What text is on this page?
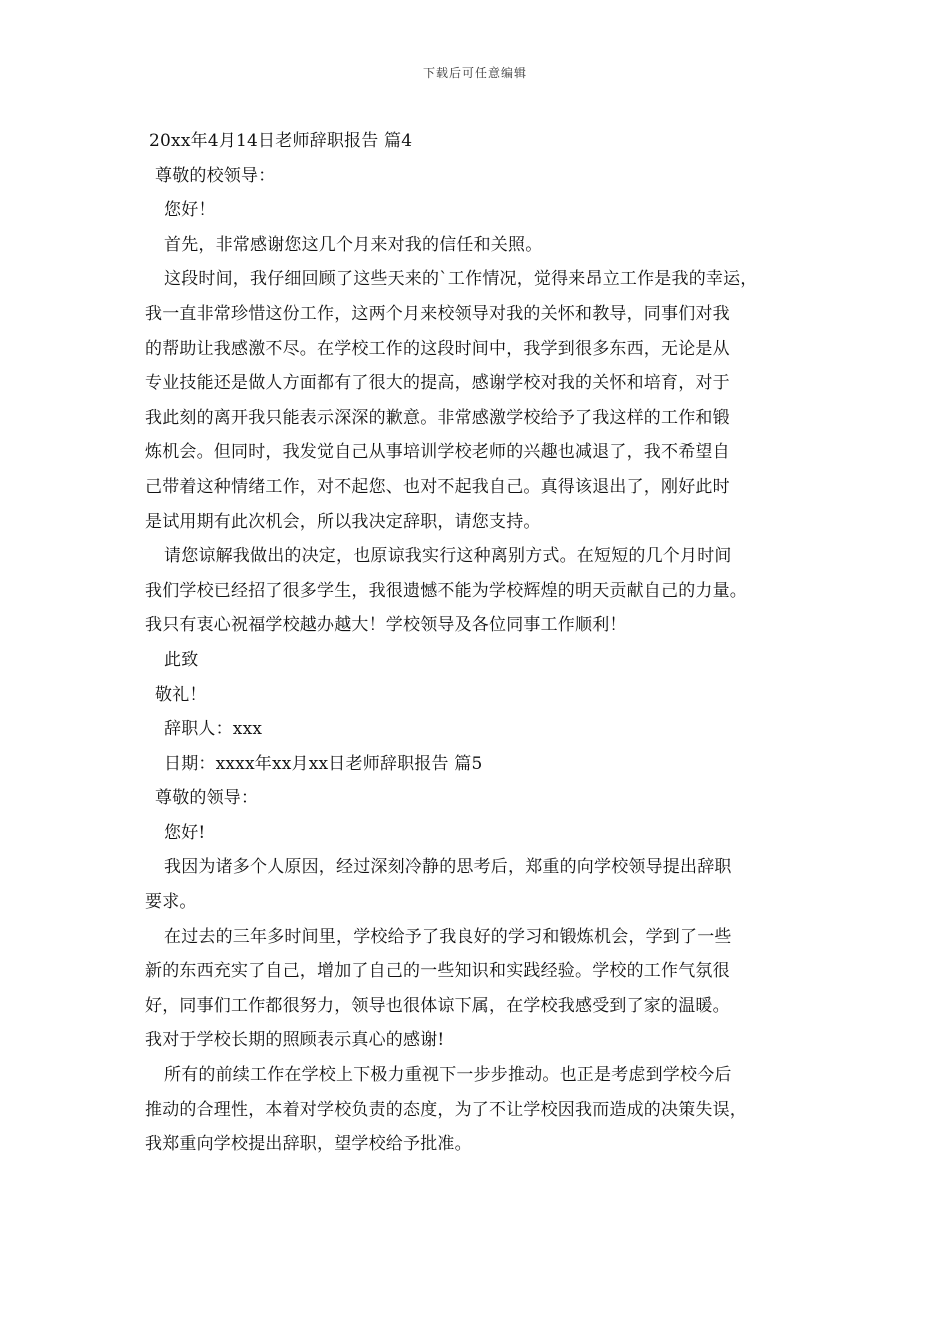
下载后可任意编辑
20xx年4月14日老师辞职报告 篇4
尊敬的校领导：
您好！
首先，非常感谢您这几个月来对我的信任和关照。
这段时间，我仔细回顾了这些天来的`工作情况，觉得来昂立工作是我的幸运，
我一直非常珍惜这份工作，这两个月来校领导对我的关怀和教导，同事们对我
的帮助让我感激不尽。在学校工作的这段时间中，我学到很多东西，无论是从
专业技能还是做人方面都有了很大的提高，感谢学校对我的关怀和培育，对于
我此刻的离开我只能表示深深的歉意。非常感激学校给予了我这样的工作和锻
炼机会。但同时，我发觉自己从事培训学校老师的兴趣也减退了，我不希望自
己带着这种情绪工作，对不起您、也对不起我自己。真得该退出了，刚好此时
是试用期有此次机会，所以我决定辞职，请您支持。
请您谅解我做出的决定，也原谅我实行这种离别方式。在短短的几个月时间
我们学校已经招了很多学生，我很遗憾不能为学校辉煌的明天贡献自己的力量。
我只有衷心祝福学校越办越大！学校领导及各位同事工作顺利！
此致
敬礼！
辞职人：xxx
日期：xxxx年xx月xx日老师辞职报告 篇5
尊敬的领导：
您好!
我因为诸多个人原因，经过深刻冷静的思考后，郑重的向学校领导提出辞职
要求。
在过去的三年多时间里，学校给予了我良好的学习和锻炼机会，学到了一些
新的东西充实了自己，增加了自己的一些知识和实践经验。学校的工作气氛很
好，同事们工作都很努力，领导也很体谅下属，在学校我感受到了家的温暖。
我对于学校长期的照顾表示真心的感谢!
所有的前续工作在学校上下极力重视下一步步推动。也正是考虑到学校今后
推动的合理性，本着对学校负责的态度，为了不让学校因我而造成的决策失误，
我郑重向学校提出辞职，望学校给予批准。
